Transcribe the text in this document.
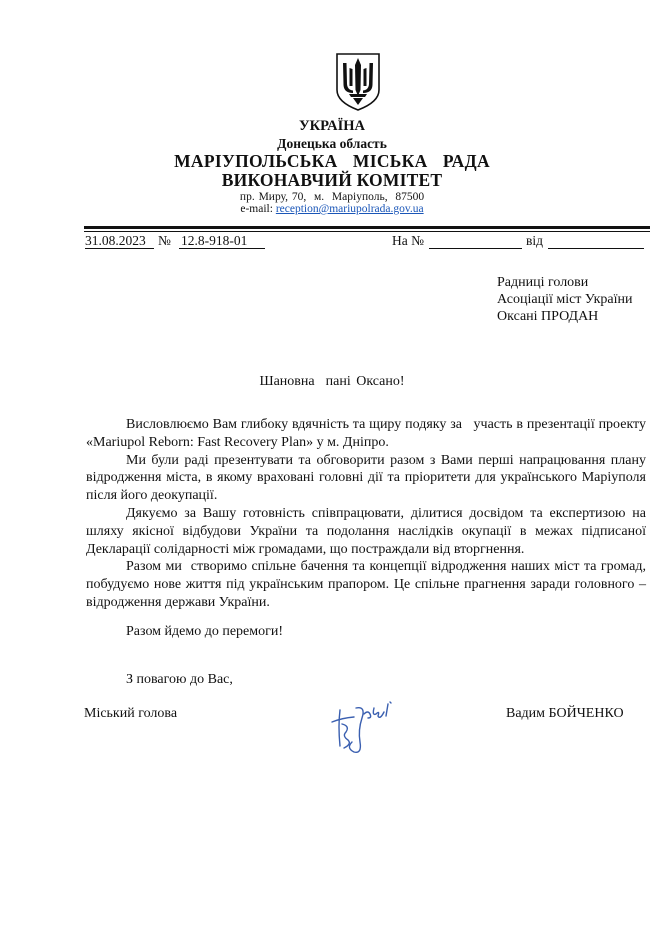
УКРАЇНА
Донецька область
МАРІУПОЛЬСЬКА  МІСЬКА  РАДА
ВИКОНАВЧИЙ КОМІТЕТ
пр. Миру, 70,  м.  Маріуполь,  87500
e-mail: reception@mariupolrada.gov.ua
31.08.2023 № 12.8-918-01	На №	від
Радниці голови
Асоціації міст України
Оксані ПРОДАН
Шановна  пані Оксано!

Висловлюємо Вам глибоку вдячність та щиру подяку за   участь в презентації проекту «Mariupol Reborn: Fast Recovery Plan» у м. Дніпро.

Ми були раді презентувати та обговорити разом з Вами перші напрацювання плану відродження міста, в якому враховані головні дії та пріоритети для українського Маріуполя після його деокупації.

Дякуємо за Вашу готовність співпрацювати, ділитися досвідом та експертизою на шляху якісної відбудови України та подолання наслідків окупації в межах підписаної Декларації солідарності між громадами, що постраждали від вторгнення.

Разом ми  створимо спільне бачення та концепції відродження наших міст та громад, побудуємо нове життя під українським прапором. Це спільне прагнення заради головного – відродження держави України.

Разом йдемо до перемоги!
З повагою до Вас,
Міський голова	Вадим БОЙЧЕНКО
